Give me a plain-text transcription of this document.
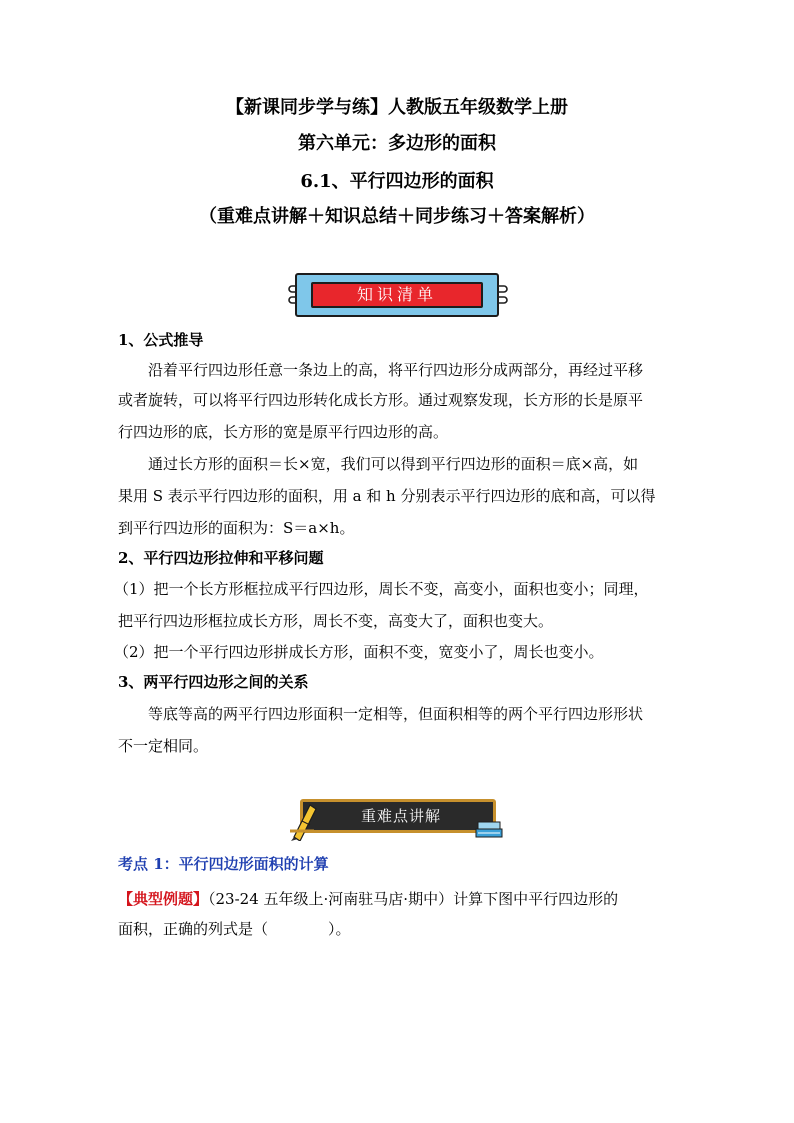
【新课同步学与练】人教版五年级数学上册

第六单元：多边形的面积

6.1、平行四边形的面积

（重难点讲解＋知识总结＋同步练习＋答案解析）

知识清单

1、公式推导

　　沿着平行四边形任意一条边上的高，将平行四边形分成两部分，再经过平移

或者旋转，可以将平行四边形转化成长方形。通过观察发现，长方形的长是原平

行四边形的底，长方形的宽是原平行四边形的高。

　　通过长方形的面积＝长×宽，我们可以得到平行四边形的面积＝底×高，如

果用 S 表示平行四边形的面积，用 a 和 h 分别表示平行四边形的底和高，可以得

到平行四边形的面积为：S＝a×h。

2、平行四边形拉伸和平移问题

（1）把一个长方形框拉成平行四边形，周长不变，高变小，面积也变小；同理，

把平行四边形框拉成长方形，周长不变，高变大了，面积也变大。

（2）把一个平行四边形拼成长方形，面积不变，宽变小了，周长也变小。

3、两平行四边形之间的关系

　　等底等高的两平行四边形面积一定相等，但面积相等的两个平行四边形形状

不一定相同。

重难点讲解

考点 1：平行四边形面积的计算

【典型例题】（23-24 五年级上·河南驻马店·期中）计算下图中平行四边形的
面积，正确的列式是（　　　　）。
